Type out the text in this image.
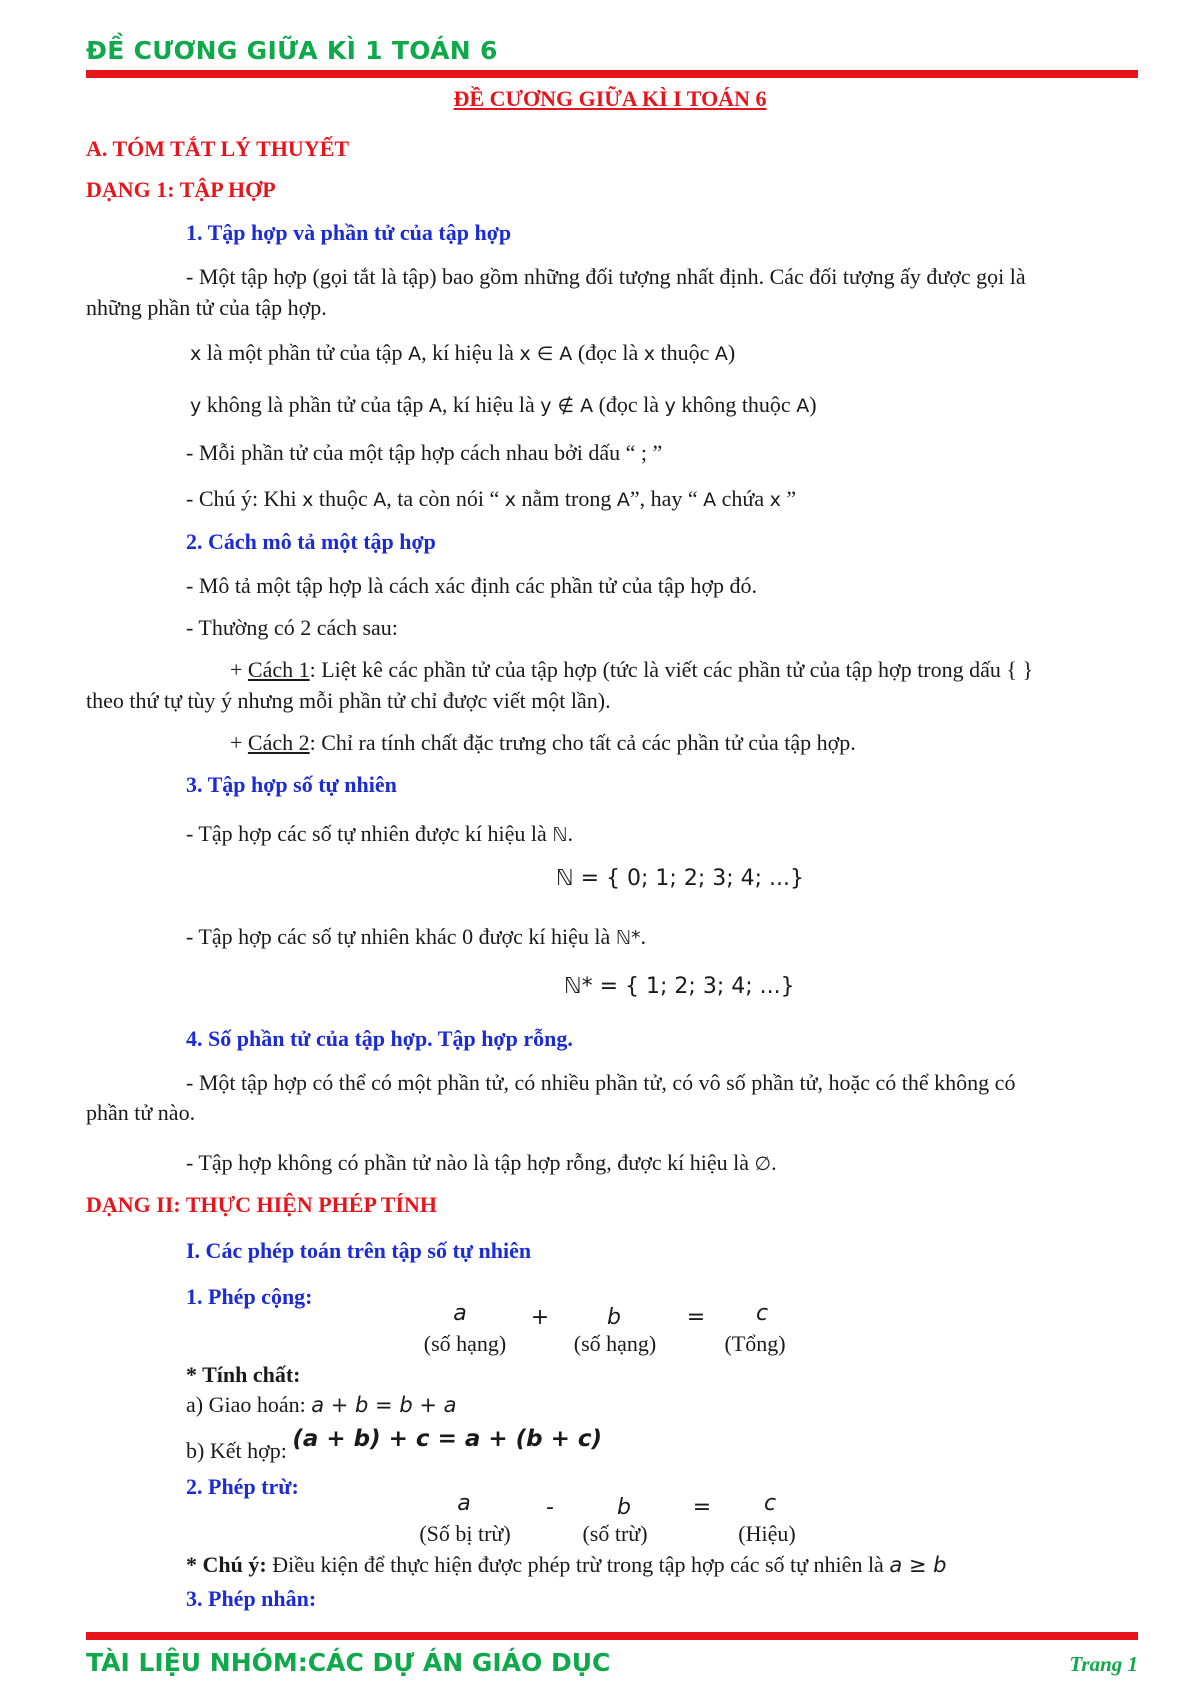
ĐỀ CƯƠNG GIỮA KÌ 1 TOÁN 6
ĐỀ CƯƠNG GIỮA KÌ I TOÁN 6
A. TÓM TẮT LÝ THUYẾT
DẠNG 1: TẬP HỢP
1. Tập hợp và phần tử của tập hợp
- Một tập hợp (gọi tắt là tập) bao gồm những đối tượng nhất định. Các đối tượng ấy được gọi là
những phần tử của tập hợp.
x là một phần tử của tập A, kí hiệu là x ∈ A (đọc là x thuộc A)
y không là phần tử của tập A, kí hiệu là y ∉ A (đọc là y không thuộc A)
- Mỗi phần tử của một tập hợp cách nhau bởi dấu “ ; ”
- Chú ý: Khi x thuộc A, ta còn nói “ x nằm trong A”, hay “ A chứa x ”
2. Cách mô tả một tập hợp
- Mô tả một tập hợp là cách xác định các phần tử của tập hợp đó.
- Thường có 2 cách sau:
+ Cách 1: Liệt kê các phần tử của tập hợp (tức là viết các phần tử của tập hợp trong dấu { }
theo thứ tự tùy ý nhưng mỗi phần tử chỉ được viết một lần).
+ Cách 2: Chỉ ra tính chất đặc trưng cho tất cả các phần tử của tập hợp.
3. Tập hợp số tự nhiên
- Tập hợp các số tự nhiên được kí hiệu là ℕ.
ℕ = { 0; 1; 2; 3; 4; ...}
- Tập hợp các số tự nhiên khác 0 được kí hiệu là ℕ*.
ℕ* = { 1; 2; 3; 4; ...}
4. Số phần tử của tập hợp. Tập hợp rỗng.
- Một tập hợp có thể có một phần tử, có nhiều phần tử, có vô số phần tử, hoặc có thể không có
phần tử nào.
- Tập hợp không có phần tử nào là tập hợp rỗng, được kí hiệu là ∅.
DẠNG II: THỰC HIỆN PHÉP TÍNH
I. Các phép toán trên tập số tự nhiên
1. Phép cộng:
a	+	b	=	c
(số hạng)	(số hạng)	(Tổng)
* Tính chất:
a) Giao hoán: a + b = b + a
b) Kết hợp: (a + b) + c = a + (b + c)
2. Phép trừ:
a	-	b	=	c
(Số bị trừ)	(số trừ)	(Hiệu)
* Chú ý: Điều kiện để thực hiện được phép trừ trong tập hợp các số tự nhiên là a ≥ b
3. Phép nhân:
TÀI LIỆU NHÓM:CÁC DỰ ÁN GIÁO DỤC	Trang 1
